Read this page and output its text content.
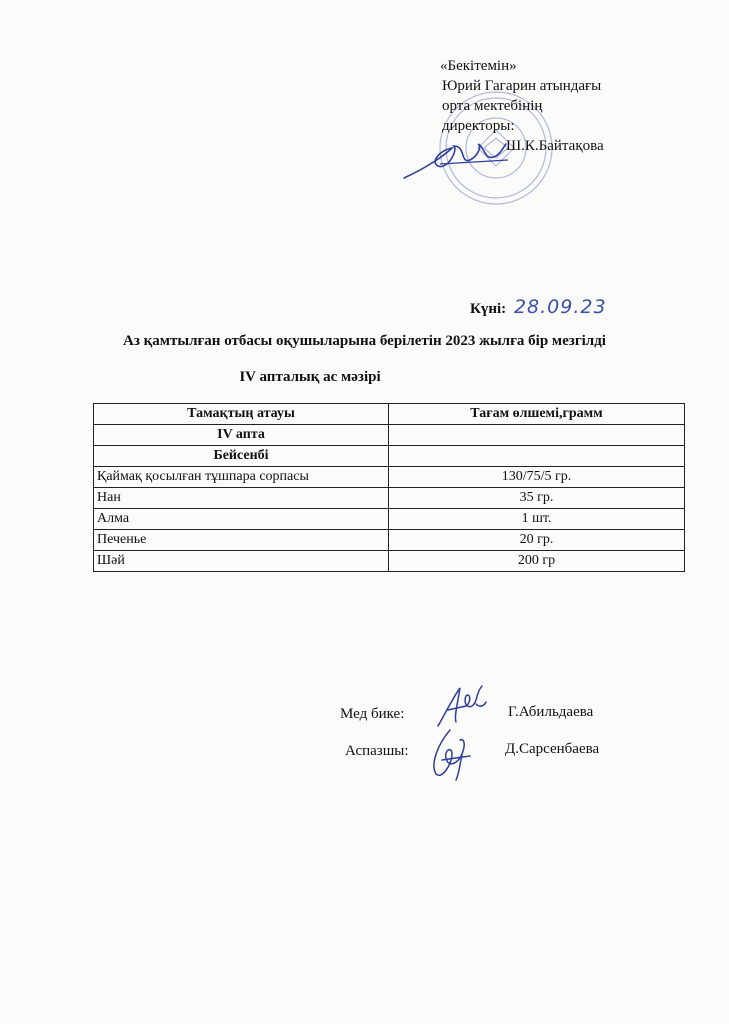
«Бекітемін»
Юрий Гагарин атындағы
орта мектебінің
директоры:
Ш.К.Байтақова
Күні: 28.09.23
Аз қамтылған отбасы оқушыларына берілетін 2023 жылға бір мезгілді
IV апталық ас мәзірі
Тамақтың атауы	Тағам өлшемі,грамм
IV апта	
Бейсенбі	
Қаймақ қосылған тұшпара сорпасы	130/75/5 гр.
Нан	35 гр.
Алма	1 шт.
Печенье	20 гр.
Шәй	200 гр
Мед бике:	Г.Абильдаева
Аспазшы:	Д.Сарсенбаева
